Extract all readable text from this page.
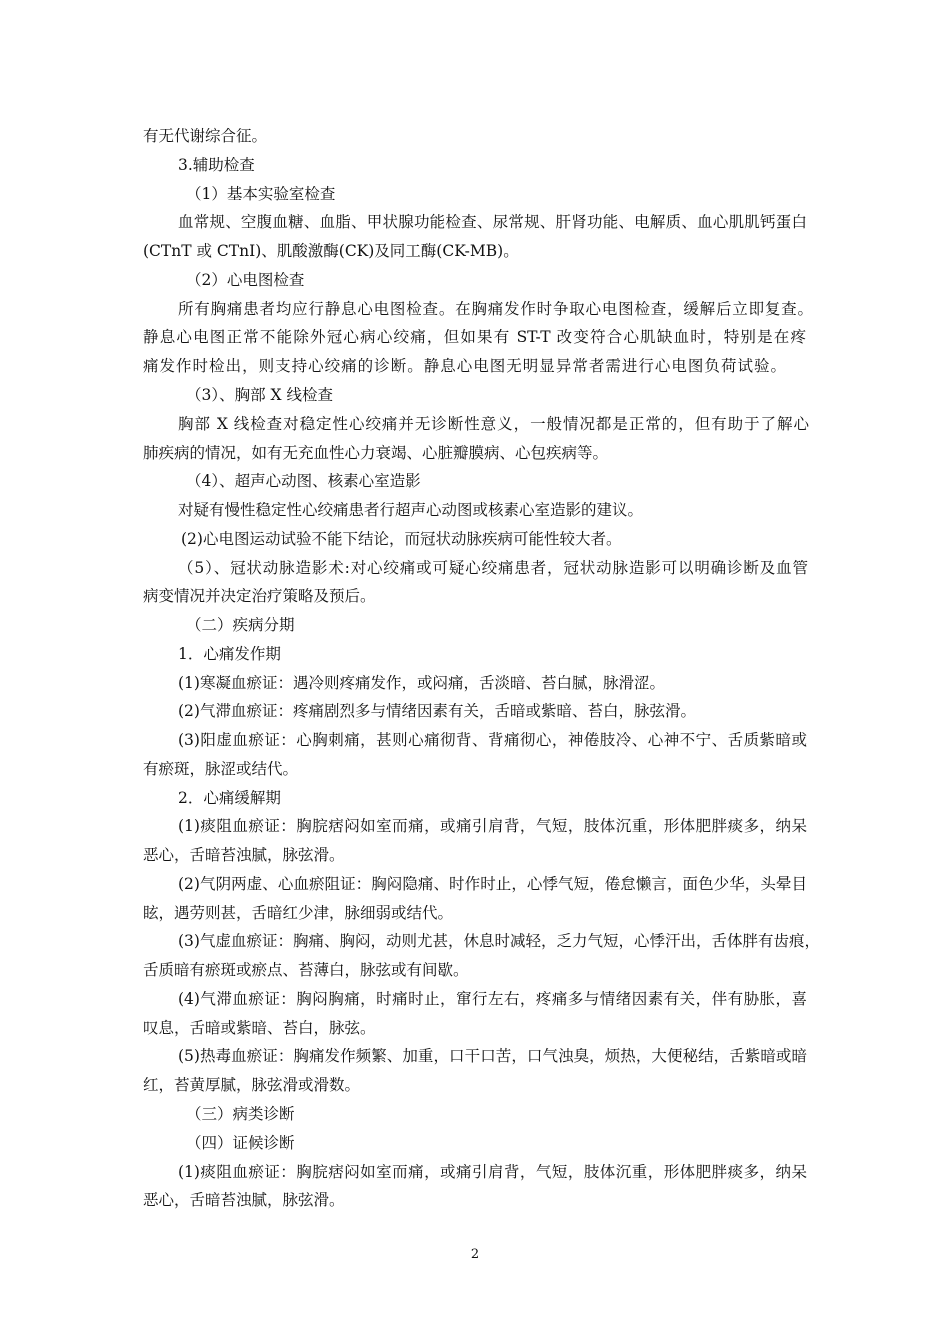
有无代谢综合征。

3.辅助检查

（1）基本实验室检查

血常规、空腹血糖、血脂、甲状腺功能检查、尿常规、肝肾功能、电解质、血心肌肌钙蛋白

(CTnT 或 CTnI)、肌酸激酶(CK)及同工酶(CK-MB)。

（2）心电图检查

所有胸痛患者均应行静息心电图检查。在胸痛发作时争取心电图检查，缓解后立即复查。

静息心电图正常不能除外冠心病心绞痛，但如果有 ST-T 改变符合心肌缺血时，特别是在疼

痛发作时检出，则支持心绞痛的诊断。静息心电图无明显异常者需进行心电图负荷试验。

（3）、胸部 X 线检查

胸部 X 线检查对稳定性心绞痛并无诊断性意义，一般情况都是正常的，但有助于了解心

肺疾病的情况，如有无充血性心力衰竭、心脏瓣膜病、心包疾病等。

（4）、超声心动图、核素心室造影

对疑有慢性稳定性心绞痛患者行超声心动图或核素心室造影的建议。

(2)心电图运动试验不能下结论，而冠状动脉疾病可能性较大者。

（5）、冠状动脉造影术:对心绞痛或可疑心绞痛患者，冠状动脉造影可以明确诊断及血管

病变情况并决定治疗策略及预后。

（二）疾病分期

1．心痛发作期

(1)寒凝血瘀证：遇冷则疼痛发作，或闷痛，舌淡暗、苔白腻，脉滑涩。

(2)气滞血瘀证：疼痛剧烈多与情绪因素有关，舌暗或紫暗、苔白，脉弦滑。

(3)阳虚血瘀证：心胸刺痛，甚则心痛彻背、背痛彻心，神倦肢冷、心神不宁、舌质紫暗或

有瘀斑，脉涩或结代。

2．心痛缓解期

(1)痰阻血瘀证：胸脘痞闷如室而痛，或痛引肩背，气短，肢体沉重，形体肥胖痰多，纳呆

恶心，舌暗苔浊腻，脉弦滑。

(2)气阴两虚、心血瘀阻证：胸闷隐痛、时作时止，心悸气短，倦怠懒言，面色少华，头晕目

眩，遇劳则甚，舌暗红少津，脉细弱或结代。

(3)气虚血瘀证：胸痛、胸闷，动则尤甚，休息时减轻，乏力气短，心悸汗出，舌体胖有齿痕，

舌质暗有瘀斑或瘀点、苔薄白，脉弦或有间歇。

(4)气滞血瘀证：胸闷胸痛，时痛时止，窜行左右，疼痛多与情绪因素有关，伴有胁胀，喜

叹息，舌暗或紫暗、苔白，脉弦。

(5)热毒血瘀证：胸痛发作频繁、加重，口干口苦，口气浊臭，烦热，大便秘结，舌紫暗或暗

红，苔黄厚腻，脉弦滑或滑数。

（三）病类诊断

（四）证候诊断

(1)痰阻血瘀证：胸脘痞闷如室而痛，或痛引肩背，气短，肢体沉重，形体肥胖痰多，纳呆

恶心，舌暗苔浊腻，脉弦滑。

2
